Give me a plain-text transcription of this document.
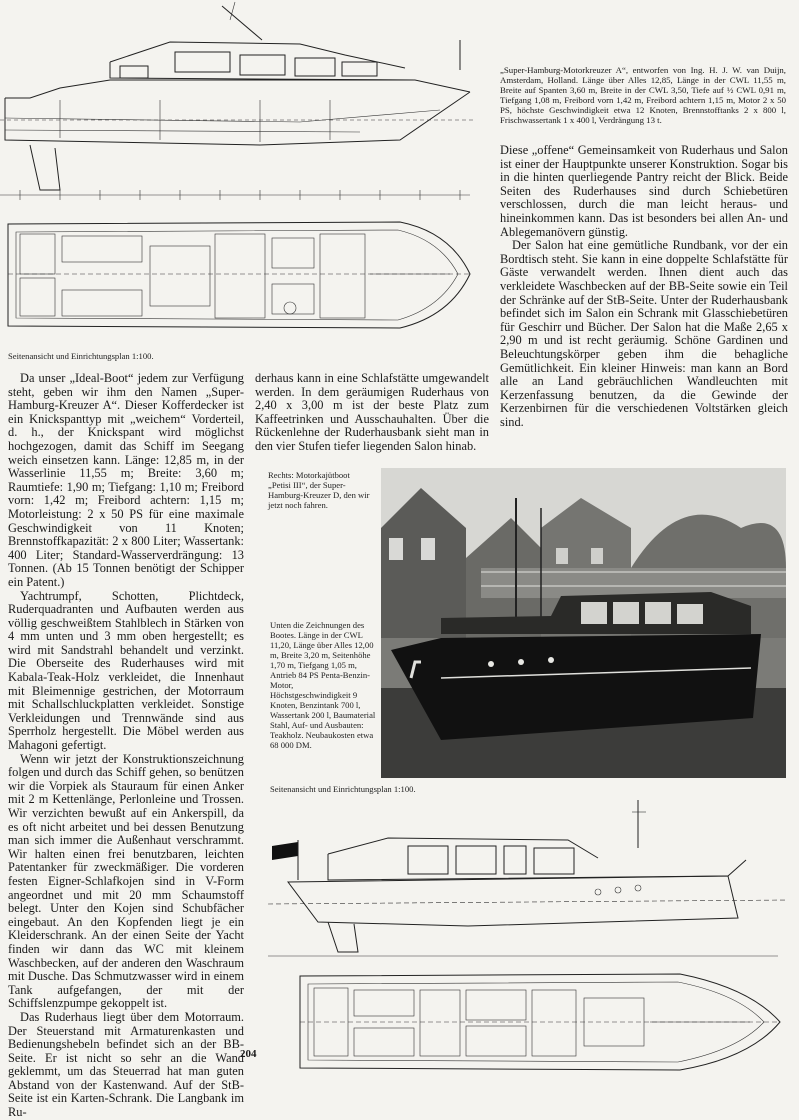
Seitenansicht und Einrichtungsplan 1:100.
„Super-Hamburg-Motorkreuzer A“, entworfen von Ing. H. J. W. van Duijn, Amsterdam, Holland. Länge über Alles 12,85, Länge in der CWL 11,55 m, Breite auf Spanten 3,60 m, Breite in der CWL 3,50, Tiefe auf ½ CWL 0,91 m, Tiefgang 1,08 m, Freibord vorn 1,42 m, Freibord achtern 1,15 m, Motor 2 x 50 PS, höchste Geschwindigkeit etwa 12 Knoten, Brennstofftanks 2 x 800 l, Frischwassertank 1 x 400 l, Verdrängung 13 t.

Diese „offene“ Gemeinsamkeit von Ruderhaus und Salon ist einer der Hauptpunkte unserer Konstruktion. Sogar bis in die hinten querliegende Pantry reicht der Blick. Beide Seiten des Ruderhauses sind durch Schiebetüren verschlossen, durch die man leicht heraus- und hineinkommen kann. Das ist besonders bei allen An- und Ablegemanövern günstig.

Der Salon hat eine gemütliche Rundbank, vor der ein Bordtisch steht. Sie kann in eine doppelte Schlafstätte für Gäste verwandelt werden. Ihnen dient auch das verkleidete Waschbecken auf der BB-Seite sowie ein Teil der Schränke auf der StB-Seite. Unter der Ruderhausbank befindet sich im Salon ein Schrank mit Glasschiebetüren für Geschirr und Bücher. Der Salon hat die Maße 2,65 x 2,90 m und ist recht geräumig. Schöne Gardinen und Beleuchtungskörper geben ihm die behagliche Gemütlichkeit. Ein kleiner Hinweis: man kann an Bord alle an Land gebräuchlichen Wandleuchten mit Kerzenfassung benutzen, da die Gewinde der Kerzenbirnen für die verschiedenen Voltstärken gleich sind.

Da unser „Ideal-Boot“ jedem zur Verfügung steht, geben wir ihm den Namen „Super-Hamburg-Kreuzer A“. Dieser Kofferdecker ist ein Knickspanttyp mit „weichem“ Vorderteil, d. h., der Knickspant wird möglichst hochgezogen, damit das Schiff im Seegang weich einsetzen kann. Länge: 12,85 m, in der Wasserlinie 11,55 m; Breite: 3,60 m; Raumtiefe: 1,90 m; Tiefgang: 1,10 m; Freibord vorn: 1,42 m; Freibord achtern: 1,15 m; Motorleistung: 2 x 50 PS für eine maximale Geschwindigkeit von 11 Knoten; Brennstoffkapazität: 2 x 800 Liter; Wassertank: 400 Liter; Standard-Wasserverdrängung: 13 Tonnen. (Ab 15 Tonnen benötigt der Schipper ein Patent.)

Yachtrumpf, Schotten, Plichtdeck, Ruderquadranten und Aufbauten werden aus völlig geschweißtem Stahlblech in Stärken von 4 mm unten und 3 mm oben hergestellt; es wird mit Sandstrahl behandelt und verzinkt. Die Oberseite des Ruderhauses wird mit Kabala-Teak-Holz verkleidet, die Innenhaut mit Bleimennige gestrichen, der Motorraum mit Schallschluckplatten verkleidet. Sonstige Verkleidungen und Trennwände sind aus Sperrholz hergestellt. Die Möbel werden aus Mahagoni gefertigt.

Wenn wir jetzt der Konstruktionszeichnung folgen und durch das Schiff gehen, so benützen wir die Vorpiek als Stauraum für einen Anker mit 2 m Kettenlänge, Perlonleine und Trossen. Wir verzichten bewußt auf ein Ankerspill, da es oft nicht arbeitet und bei dessen Benutzung man sich immer die Außenhaut verschrammt. Wir halten einen frei benutzbaren, leichten Patentanker für zweckmäßiger. Die vorderen festen Eigner-Schlafkojen sind in V-Form angeordnet und mit 20 mm Schaumstoff belegt. Unter den Kojen sind Schubfächer eingebaut. An den Kopfenden liegt je ein Kleiderschrank. An der einen Seite der Yacht finden wir dann das WC mit kleinem Waschbecken, auf der anderen den Waschraum mit Dusche. Das Schmutzwasser wird in einem Tank aufgefangen, der mit der Schiffslenzpumpe gekoppelt ist.

Das Ruderhaus liegt über dem Motorraum. Der Steuerstand mit Armaturenkasten und Bedienungshebeln befindet sich an der BB-Seite. Er ist nicht so sehr an die Wand geklemmt, um das Steuerrad hat man guten Abstand von der Kastenwand. Auf der StB-Seite ist ein Karten-Schrank. Die Langbank im Ru-

derhaus kann in eine Schlafstätte umgewandelt werden. In dem geräumigen Ruderhaus von 2,40 x 3,00 m ist der beste Platz zum Kaffeetrinken und Ausschauhalten. Über die Rückenlehne der Ruderhausbank sieht man in den vier Stufen tiefer liegenden Salon hinab.
Rechts: Motorkajütboot „Petisi III“, der Super-Hamburg-Kreuzer D, den wir jetzt noch fahren.
Unten die Zeichnungen des Bootes. Länge in der CWL 11,20, Länge über Alles 12,00 m, Breite 3,20 m, Seitenhöhe 1,70 m, Tiefgang 1,05 m, Antrieb 84 PS Penta-Benzin-Motor, Höchstgeschwindigkeit 9 Knoten, Benzintank 700 l, Wassertank 200 l, Baumaterial Stahl, Auf- und Ausbauten: Teakholz. Neubaukosten etwa 68 000 DM.
Seitenansicht und Einrichtungsplan 1:100.
204
